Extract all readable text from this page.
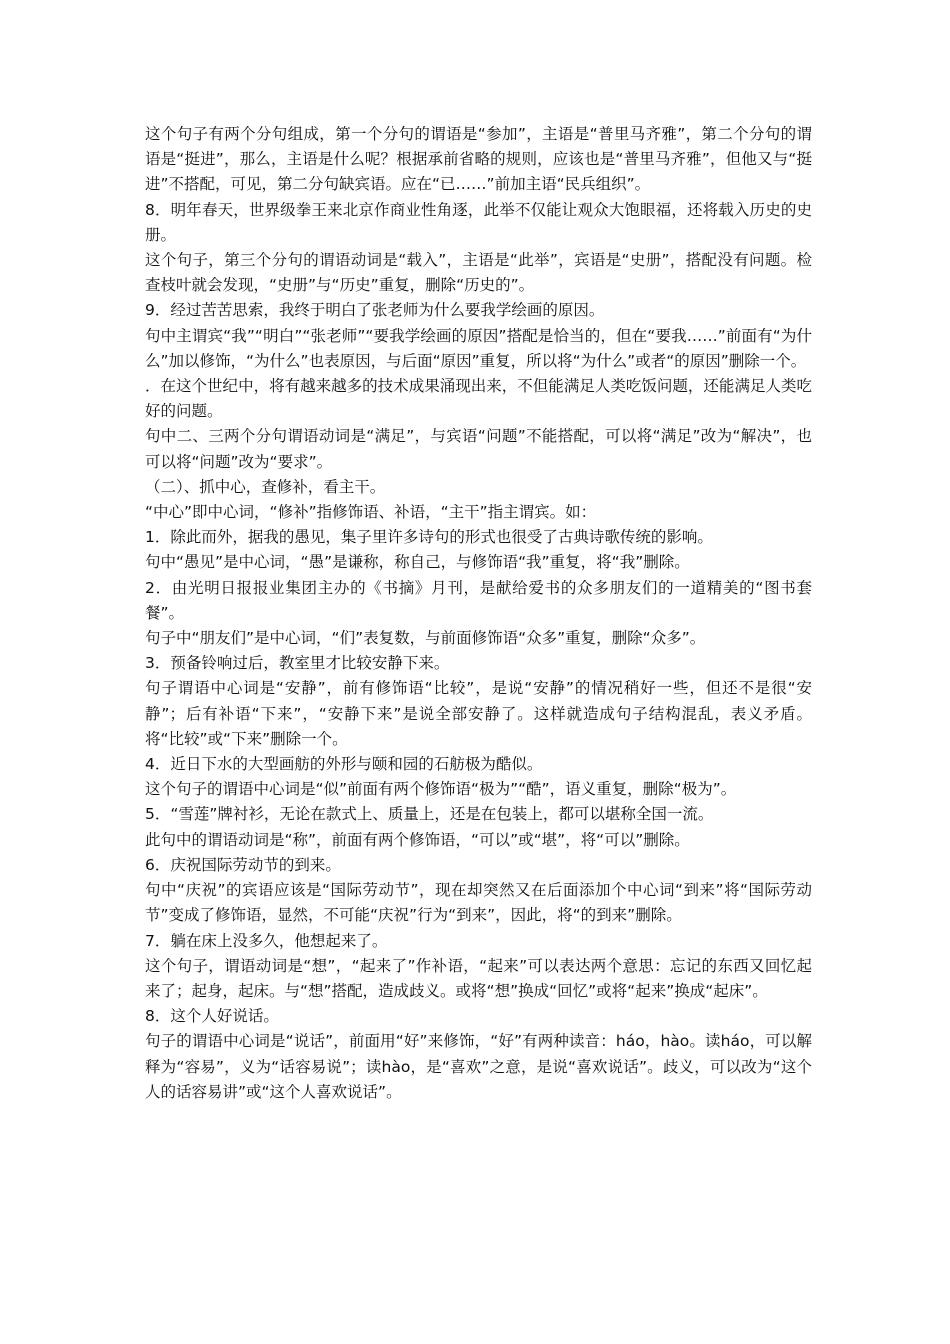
这个句子有两个分句组成，第一个分句的谓语是“参加”，主语是“普里马齐雅”，第二个分句的谓语是“挺进”，那么，主语是什么呢？根据承前省略的规则，应该也是“普里马齐雅”，但他又与“挺进”不搭配，可见，第二分句缺宾语。应在“已……”前加主语“民兵组织”。

8．明年春天，世界级拳王来北京作商业性角逐，此举不仅能让观众大饱眼福，还将载入历史的史册。

这个句子，第三个分句的谓语动词是“载入”，主语是“此举”，宾语是“史册”，搭配没有问题。检查枝叶就会发现，“史册”与“历史”重复，删除“历史的”。

9．经过苦苦思索，我终于明白了张老师为什么要我学绘画的原因。

句中主谓宾“我”“明白”“张老师”“要我学绘画的原因”搭配是恰当的，但在“要我……”前面有“为什么”加以修饰，“为什么”也表原因，与后面“原因”重复，所以将“为什么”或者“的原因”删除一个。

．在这个世纪中，将有越来越多的技术成果涌现出来，不但能满足人类吃饭问题，还能满足人类吃好的问题。

句中二、三两个分句谓语动词是“满足”，与宾语“问题”不能搭配，可以将“满足”改为“解决”，也可以将“问题”改为“要求”。

（二）、抓中心，查修补，看主干。

“中心”即中心词，“修补”指修饰语、补语，“主干”指主谓宾。如：

1．除此而外，据我的愚见，集子里许多诗句的形式也很受了古典诗歌传统的影响。

句中“愚见”是中心词，“愚”是谦称，称自己，与修饰语“我”重复，将“我”删除。

2．由光明日报报业集团主办的《书摘》月刊，是献给爱书的众多朋友们的一道精美的“图书套餐”。

句子中“朋友们”是中心词，“们”表复数，与前面修饰语“众多”重复，删除“众多”。

3．预备铃响过后，教室里才比较安静下来。

句子谓语中心词是“安静”，前有修饰语“比较”，是说“安静”的情况稍好一些，但还不是很“安静”；后有补语“下来”，“安静下来”是说全部安静了。这样就造成句子结构混乱，表义矛盾。将“比较”或“下来”删除一个。

4．近日下水的大型画舫的外形与颐和园的石舫极为酷似。

这个句子的谓语中心词是“似”前面有两个修饰语“极为”“酷”，语义重复，删除“极为”。

5．“雪莲”牌衬衫，无论在款式上、质量上，还是在包装上，都可以堪称全国一流。

此句中的谓语动词是“称”，前面有两个修饰语，“可以”或“堪”，将“可以”删除。

6．庆祝国际劳动节的到来。

句中“庆祝”的宾语应该是“国际劳动节”，现在却突然又在后面添加个中心词“到来”将“国际劳动节”变成了修饰语，显然，不可能“庆祝”行为“到来”，因此，将“的到来”删除。

7．躺在床上没多久，他想起来了。

这个句子，谓语动词是“想”，“起来了”作补语，“起来”可以表达两个意思：忘记的东西又回忆起来了；起身，起床。与“想”搭配，造成歧义。或将“想”换成“回忆”或将“起来”换成“起床”。

8．这个人好说话。

句子的谓语中心词是“说话”，前面用“好”来修饰，“好”有两种读音：háo，hào。读háo，可以解释为“容易”，义为“话容易说”；读hào，是“喜欢”之意，是说“喜欢说话”。歧义，可以改为“这个人的话容易讲”或“这个人喜欢说话”。
